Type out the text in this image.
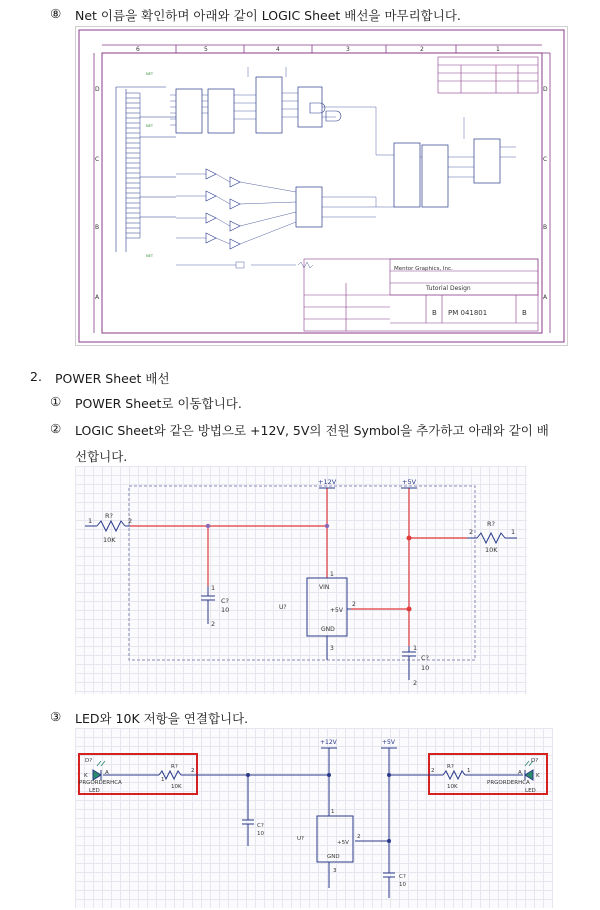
⑧ Net 이름을 확인하며 아래와 같이 LOGIC Sheet 배선을 마무리합니다.
6	5	4	3	2	1
D
C
B
A
D
C
B
A
NET
NET
NET
Mentor Graphics, Inc.
Tutorial Design
B PM 041801	B
2. POWER Sheet 배선
① POWER Sheet로 이동합니다.
② LOGIC Sheet와 같은 방법으로 +12V, 5V의 전원 Symbol을 추가하고 아래와 같이 배
선합니다.
1	2
R?
10K
+12V	+5V
1
2
C?
10	U?
VIN
GND
+5V
1
2
3	1
2
C?
10
2	1
R?
10K
③ LED와 10K 저항을 연결합니다.
D?
PRGORDERHCA
LED
K	A
1
2
R?
10K
2	1
R?
10K
+12V	+5V
C?
10
U?
+5V
GND
1
2
3
C?
10
D?
PRGORDERHCA
LED
A	K
